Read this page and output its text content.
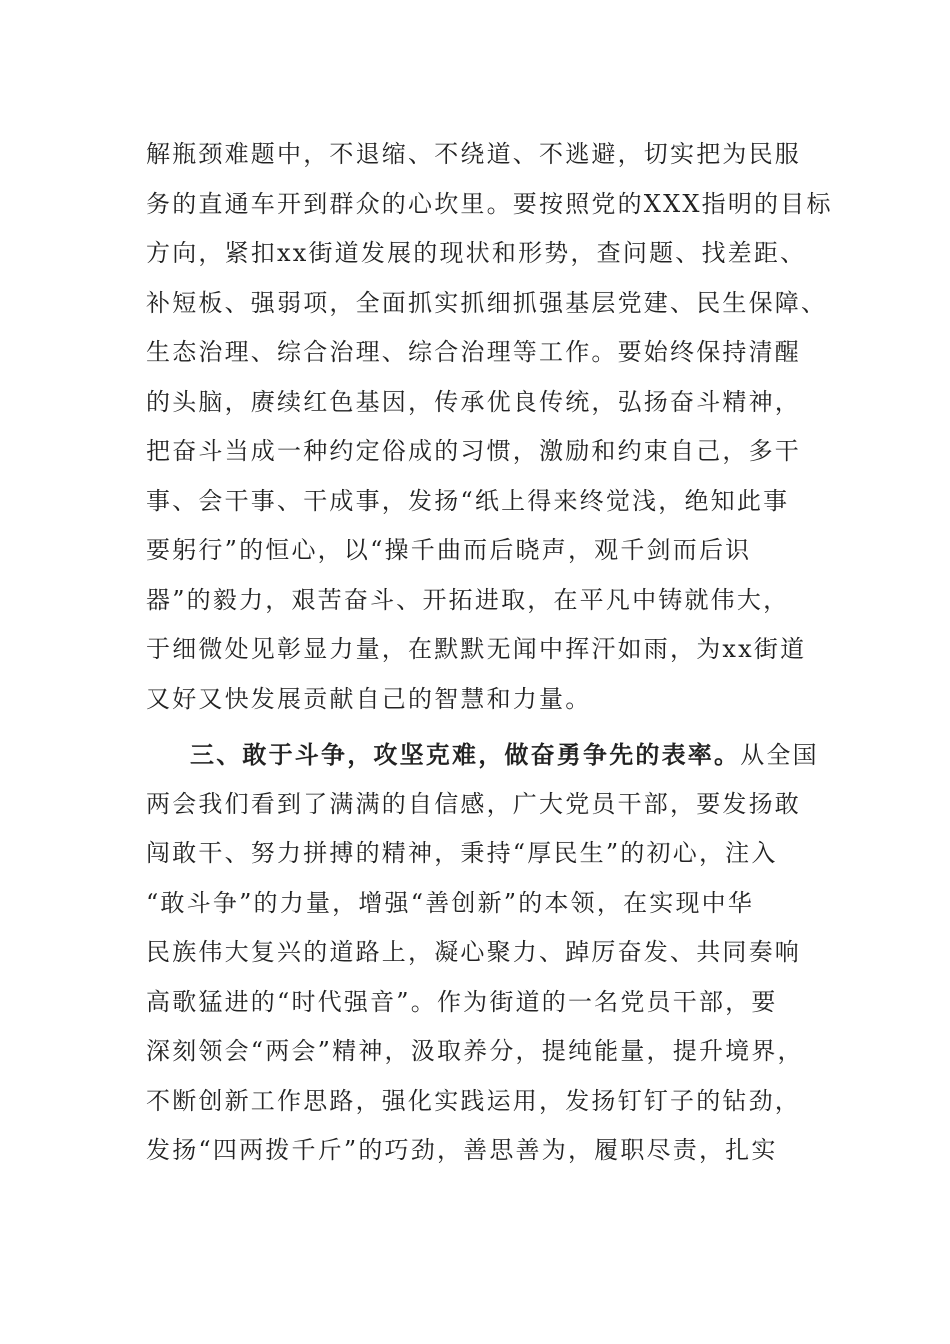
解瓶颈难题中，不退缩、不绕道、不逃避，切实把为民服
务的直通车开到群众的心坎里。要按照党的XXX指明的目标
方向，紧扣xx街道发展的现状和形势，查问题、找差距、
补短板、强弱项，全面抓实抓细抓强基层党建、民生保障、
生态治理、综合治理、综合治理等工作。要始终保持清醒
的头脑，赓续红色基因，传承优良传统，弘扬奋斗精神，
把奋斗当成一种约定俗成的习惯，激励和约束自己，多干
事、会干事、干成事，发扬“纸上得来终觉浅，绝知此事
要躬行”的恒心，以“操千曲而后晓声，观千剑而后识
器”的毅力，艰苦奋斗、开拓进取，在平凡中铸就伟大，
于细微处见彰显力量，在默默无闻中挥汗如雨，为xx街道
又好又快发展贡献自己的智慧和力量。
三、敢于斗争，攻坚克难，做奋勇争先的表率。从全国
两会我们看到了满满的自信感，广大党员干部，要发扬敢
闯敢干、努力拼搏的精神，秉持“厚民生”的初心，注入
“敢斗争”的力量，增强“善创新”的本领，在实现中华
民族伟大复兴的道路上，凝心聚力、踔厉奋发、共同奏响
高歌猛进的“时代强音”。作为街道的一名党员干部，要
深刻领会“两会”精神，汲取养分，提纯能量，提升境界，
不断创新工作思路，强化实践运用，发扬钉钉子的钻劲，
发扬“四两拨千斤”的巧劲，善思善为，履职尽责，扎实
